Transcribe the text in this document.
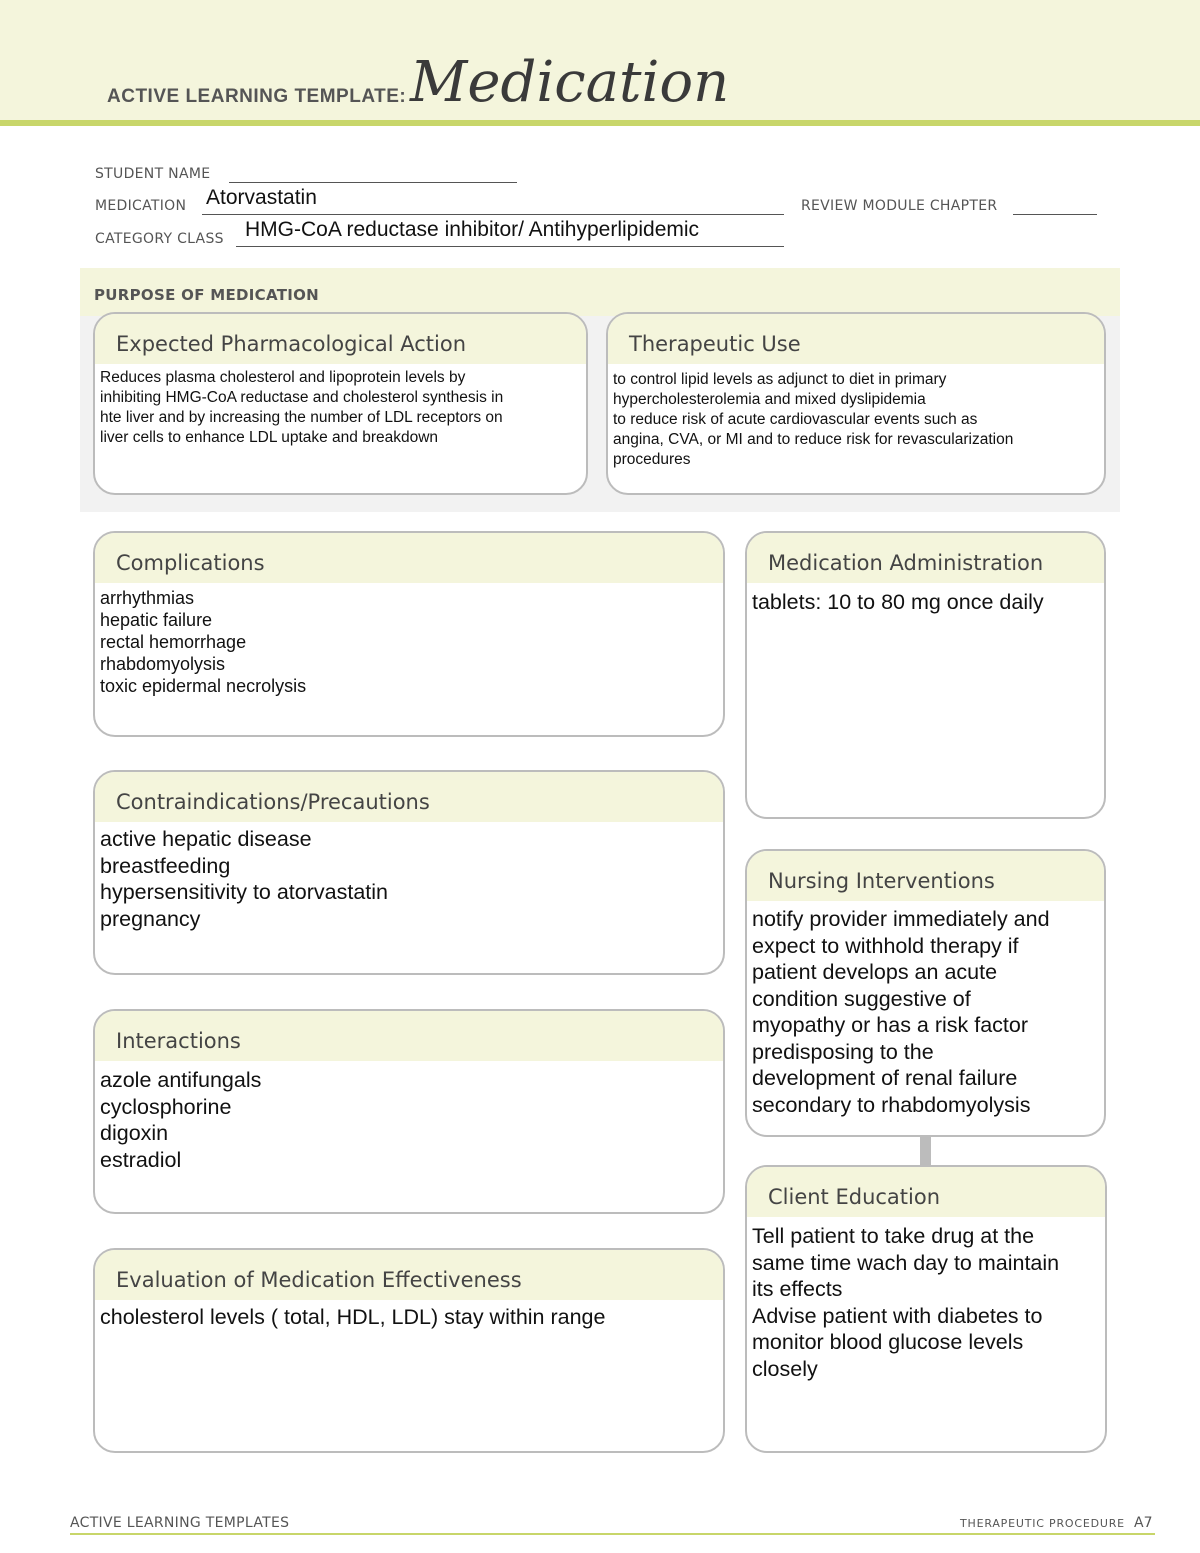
ACTIVE LEARNING TEMPLATE: Medication
STUDENT NAME
MEDICATION Atorvastatin	REVIEW MODULE CHAPTER
CATEGORY CLASS HMG-CoA reductase inhibitor/ Antihyperlipidemic
PURPOSE OF MEDICATION
Expected Pharmacological Action
Reduces plasma cholesterol and lipoprotein levels by
inhibiting HMG-CoA reductase and cholesterol synthesis in
hte liver and by increasing the number of LDL receptors on
liver cells to enhance LDL uptake and breakdown
Therapeutic Use
to control lipid levels as adjunct to diet in primary
hypercholesterolemia and mixed dyslipidemia
to reduce risk of acute cardiovascular events such as
angina, CVA, or MI and to reduce risk for revascularization
procedures
Complications
arrhythmias
hepatic failure
rectal hemorrhage
rhabdomyolysis
toxic epidermal necrolysis
Contraindications/Precautions
active hepatic disease
breastfeeding
hypersensitivity to atorvastatin
pregnancy
Interactions
azole antifungals
cyclosphorine
digoxin
estradiol
Evaluation of Medication Effectiveness
cholesterol levels ( total, HDL, LDL) stay within range
Medication Administration
tablets: 10 to 80 mg once daily
Nursing Interventions
notify provider immediately and
expect to withhold therapy if
patient develops an acute
condition suggestive of
myopathy or has a risk factor
predisposing to the
development of renal failure
secondary to rhabdomyolysis
Client Education
Tell patient to take drug at the
same time wach day to maintain
its effects
Advise patient with diabetes to
monitor blood glucose levels
closely
ACTIVE LEARNING TEMPLATES	THERAPEUTIC PROCEDURE A7
